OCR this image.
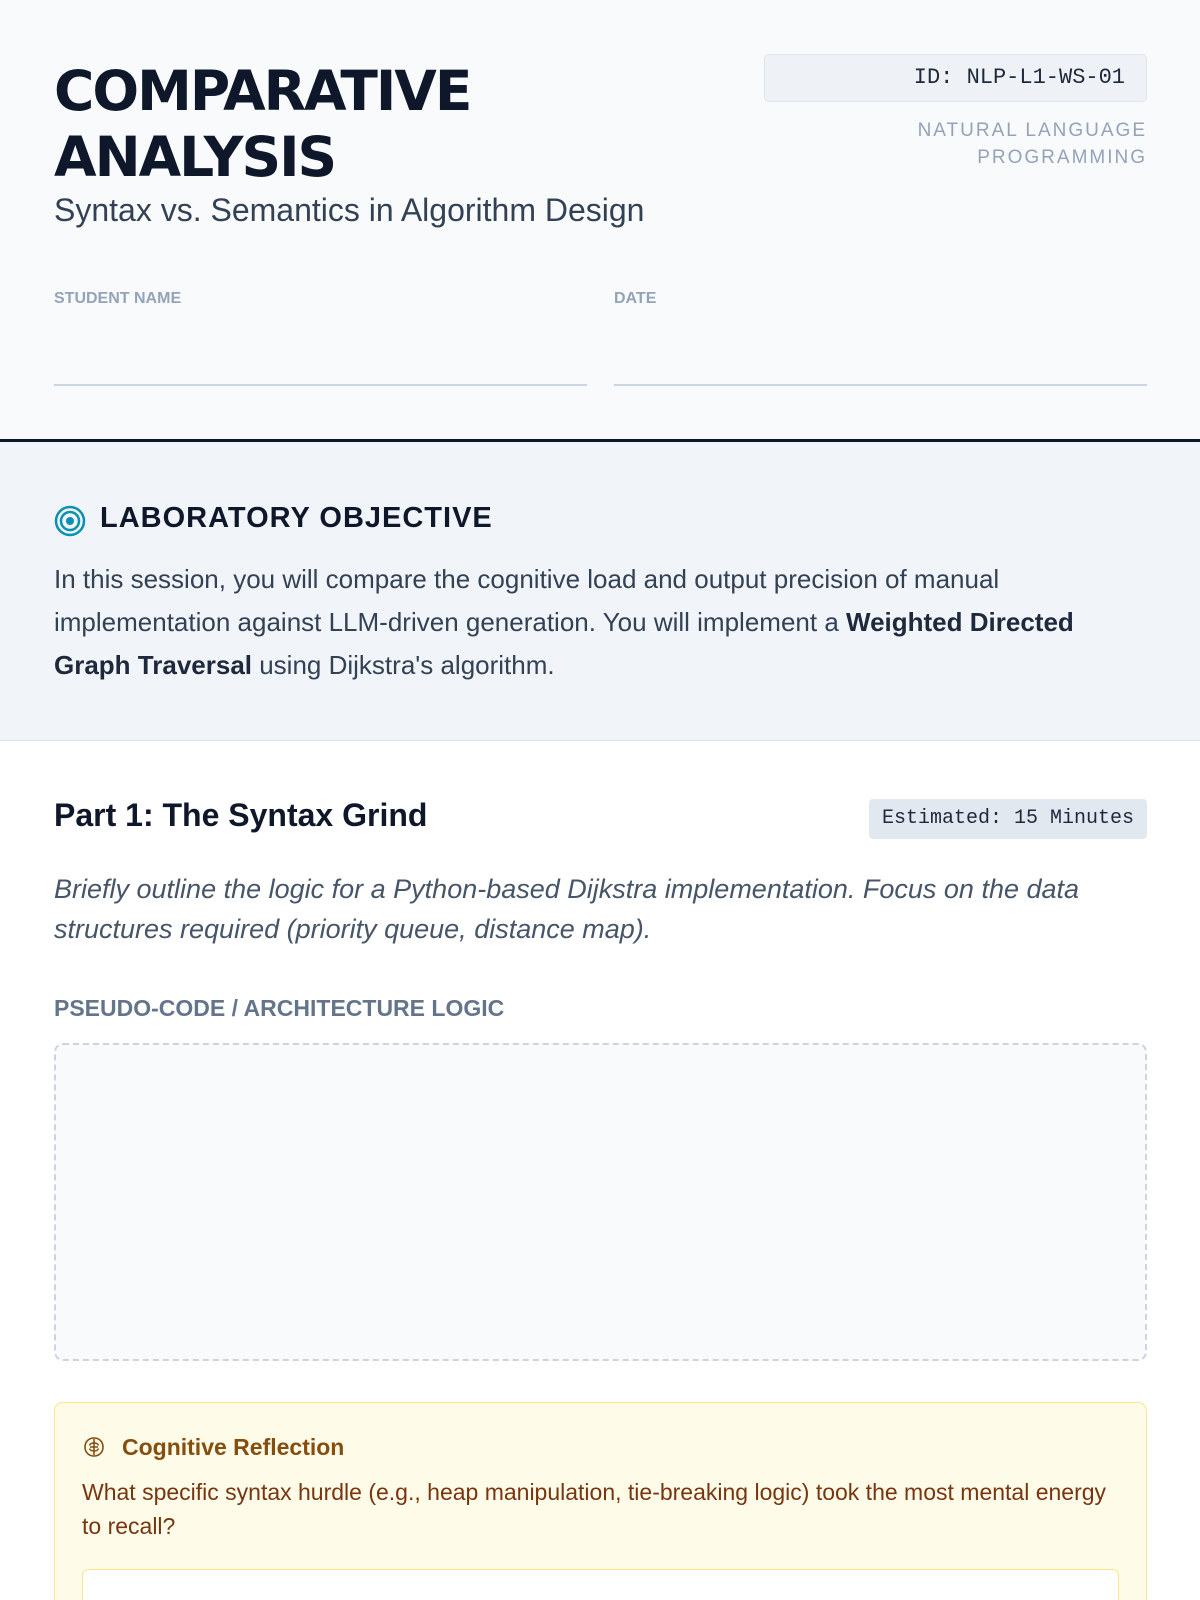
COMPARATIVE ANALYSIS
Syntax vs. Semantics in Algorithm Design
ID: NLP-L1-WS-01
NATURAL LANGUAGE PROGRAMMING
STUDENT NAME	DATE
LABORATORY OBJECTIVE

In this session, you will compare the cognitive load and output precision of manual implementation against LLM-driven generation. You will implement a Weighted Directed Graph Traversal using Dijkstra's algorithm.

Part 1: The Syntax Grind	Estimated: 15 Minutes

Briefly outline the logic for a Python-based Dijkstra implementation. Focus on the data structures required (priority queue, distance map).

PSEUDO-CODE / ARCHITECTURE LOGIC
Cognitive Reflection

What specific syntax hurdle (e.g., heap manipulation, tie-breaking logic) took the most mental energy to recall?
